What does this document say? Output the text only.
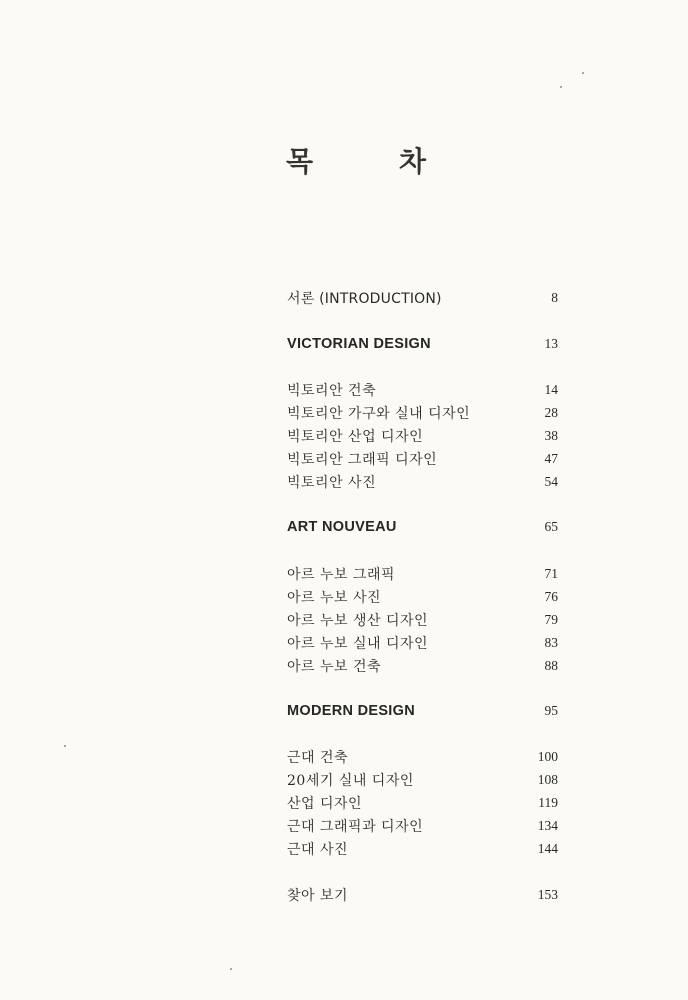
목	차
서론 (INTRODUCTION)	8
VICTORIAN DESIGN	13
빅토리안 건축	14
빅토리안 가구와 실내 디자인	28
빅토리안 산업 디자인	38
빅토리안 그래픽 디자인	47
빅토리안 사진	54
ART NOUVEAU	65
아르 누보 그래픽	71
아르 누보 사진	76
아르 누보 생산 디자인	79
아르 누보 실내 디자인	83
아르 누보 건축	88
MODERN DESIGN	95
근대 건축	100
20세기 실내 디자인	108
산업 디자인	119
근대 그래픽과 디자인	134
근대 사진	144
찾아 보기	153
